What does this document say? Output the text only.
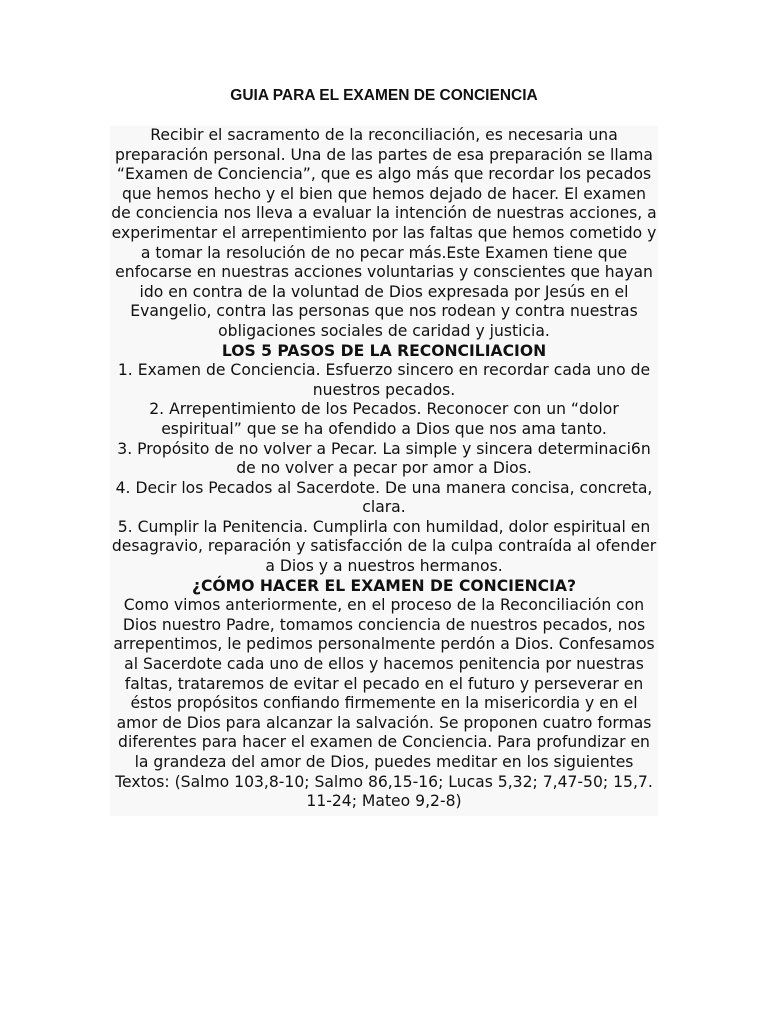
GUIA PARA EL EXAMEN DE CONCIENCIA

Recibir el sacramento de la reconciliación, es necesaria una preparación personal. Una de las partes de esa preparación se llama “Examen de Conciencia”, que es algo más que recordar los pecados que hemos hecho y el bien que hemos dejado de hacer. El examen de conciencia nos lleva a evaluar la intención de nuestras acciones, a experimentar el arrepentimiento por las faltas que hemos cometido y a tomar la resolución de no pecar más.Este Examen tiene que enfocarse en nuestras acciones voluntarias y conscientes que hayan ido en contra de la voluntad de Dios expresada por Jesús en el Evangelio, contra las personas que nos rodean y contra nuestras obligaciones sociales de caridad y justicia.

LOS 5 PASOS DE LA RECONCILIACION

1. Examen de Conciencia. Esfuerzo sincero en recordar cada uno de nuestros pecados.

2. Arrepentimiento de los Pecados. Reconocer con un “dolor espiritual” que se ha ofendido a Dios que nos ama tanto.

3. Propósito de no volver a Pecar. La simple y sincera determinaci6n de no volver a pecar por amor a Dios.

4. Decir los Pecados al Sacerdote. De una manera concisa, concreta, clara.

5. Cumplir la Penitencia. Cumplirla con humildad, dolor espiritual en desagravio, reparación y satisfacción de la culpa contraída al ofender a Dios y a nuestros hermanos.

¿CÓMO HACER EL EXAMEN DE CONCIENCIA?

Como vimos anteriormente, en el proceso de la Reconciliación con Dios nuestro Padre, tomamos conciencia de nuestros pecados, nos arrepentimos, le pedimos personalmente perdón a Dios. Confesamos al Sacerdote cada uno de ellos y hacemos penitencia por nuestras faltas, trataremos de evitar el pecado en el futuro y perseverar en éstos propósitos confiando firmemente en la misericordia y en el amor de Dios para alcanzar la salvación. Se proponen cuatro formas diferentes para hacer el examen de Conciencia. Para profundizar en la grandeza del amor de Dios, puedes meditar en los siguientes Textos: (Salmo 103,8-10; Salmo 86,15-16; Lucas 5,32; 7,47-50; 15,7. 11-24; Mateo 9,2-8)
